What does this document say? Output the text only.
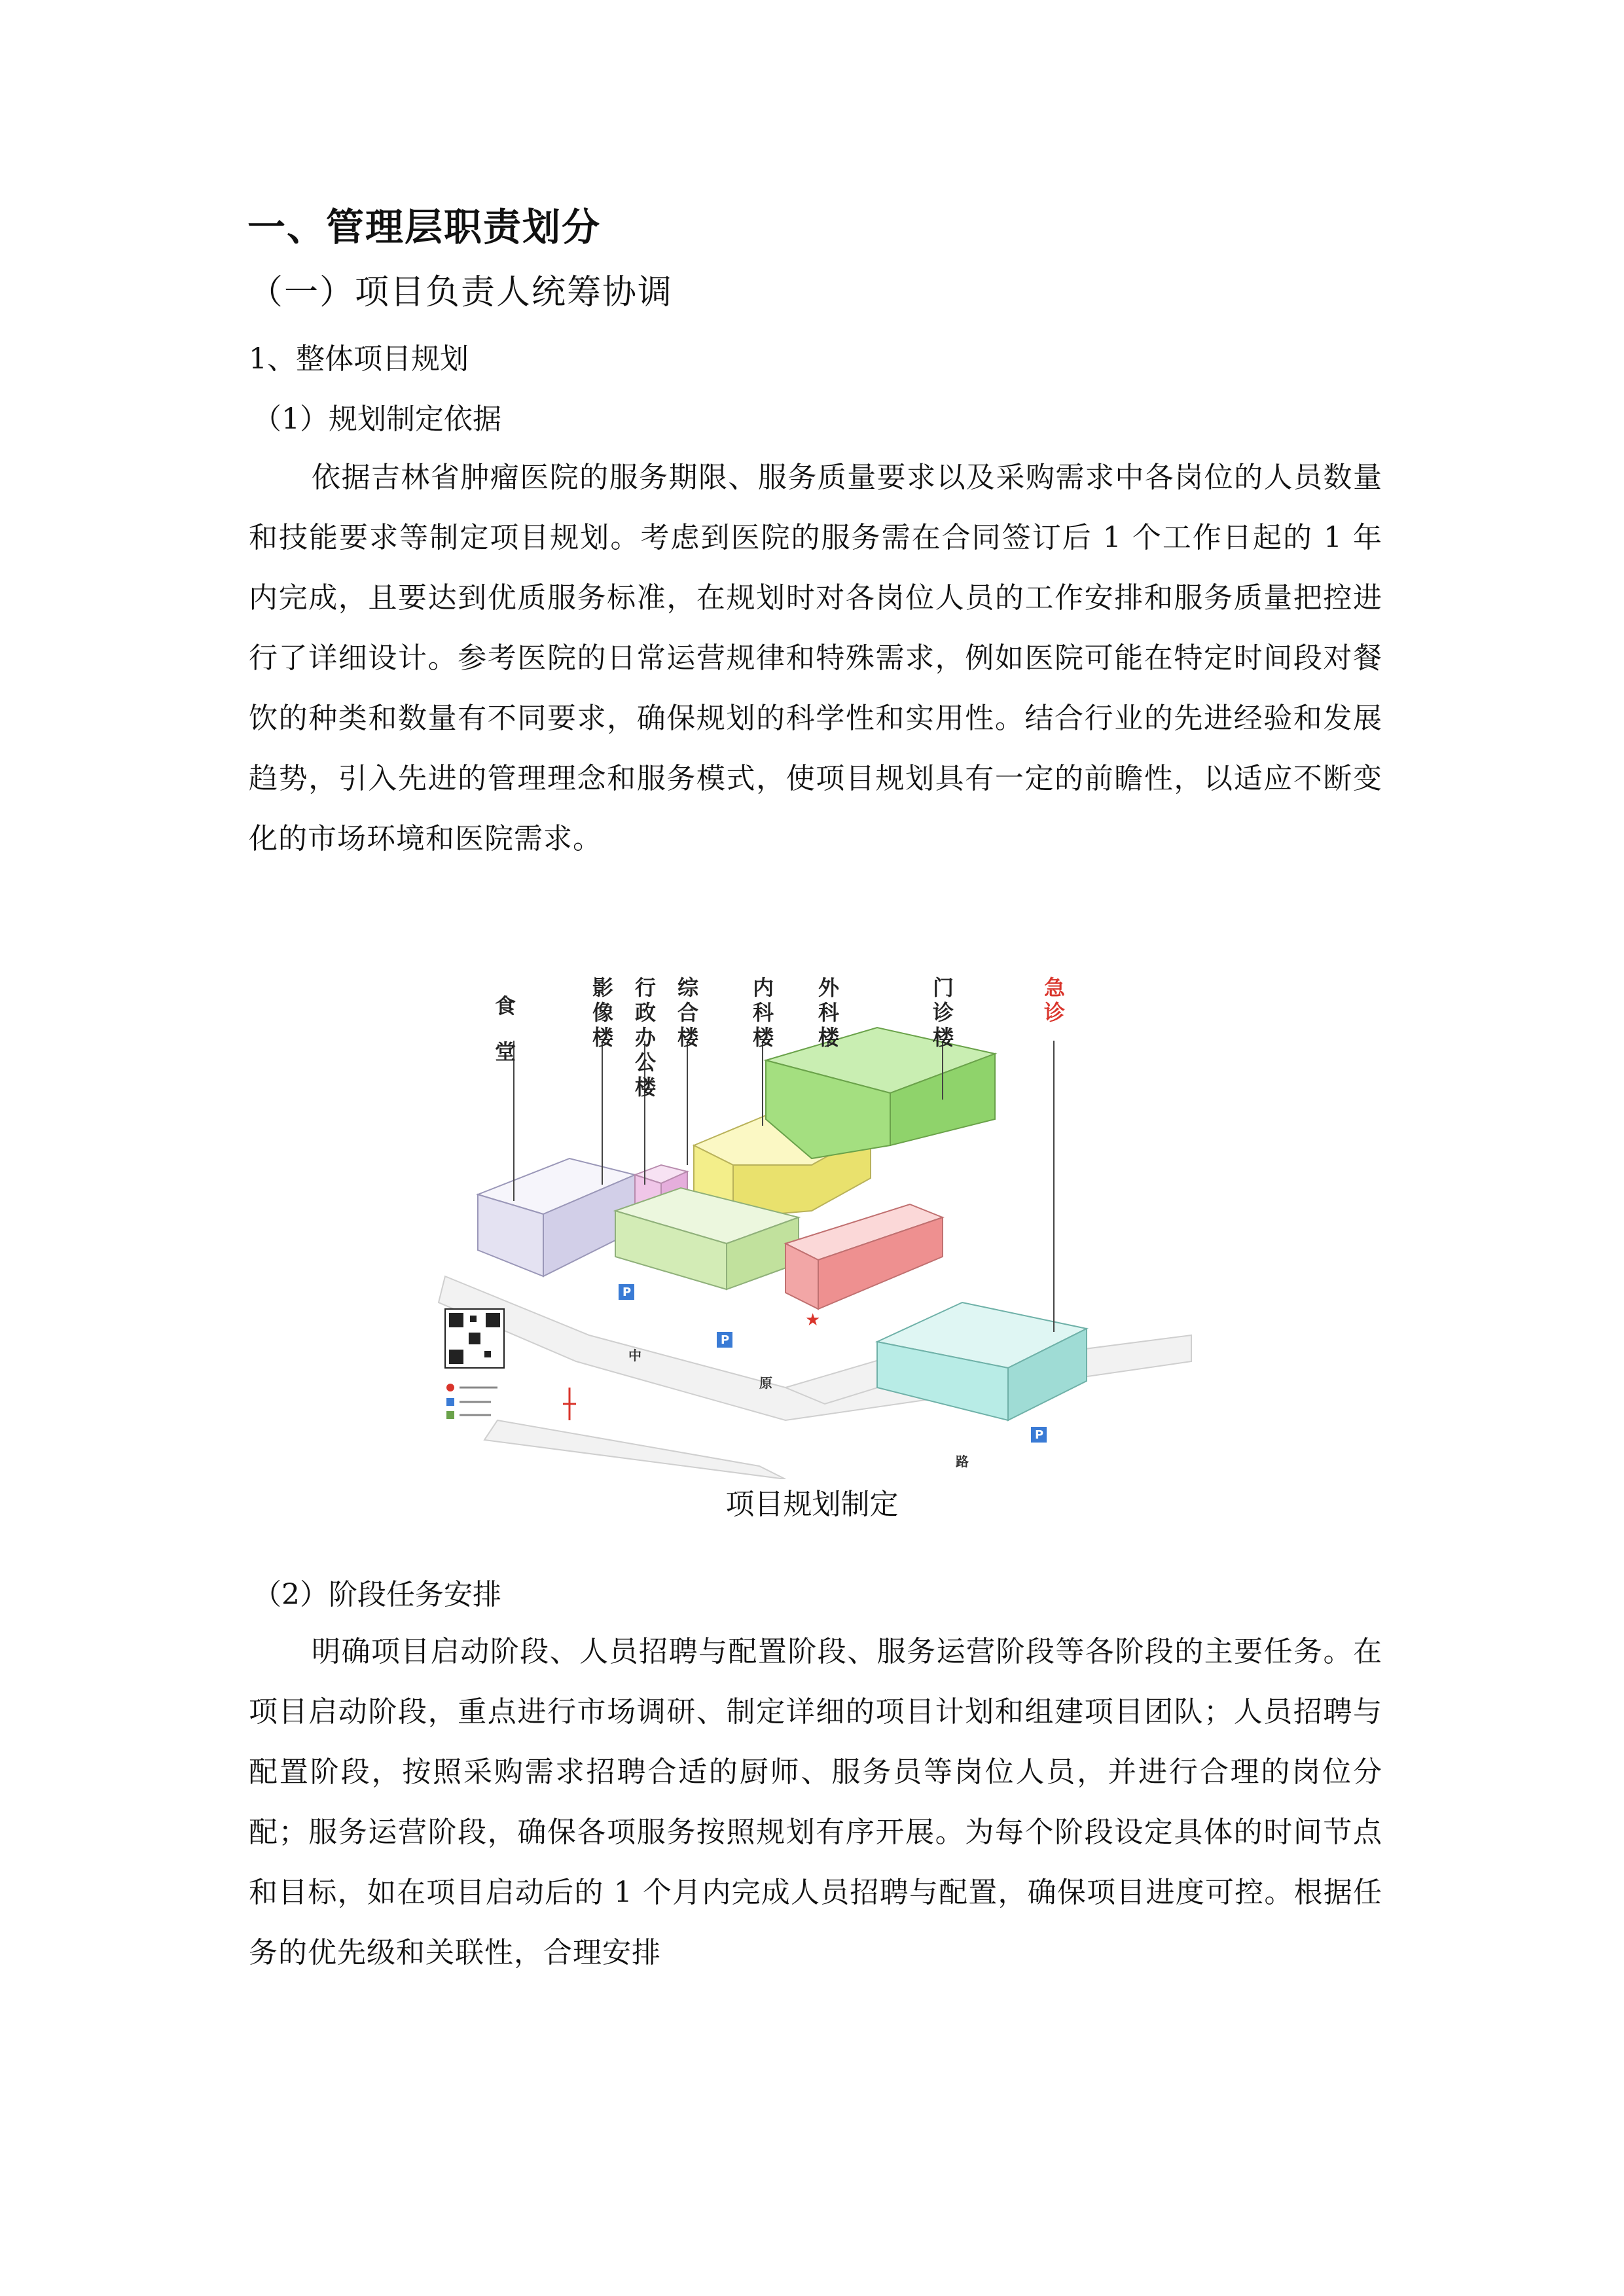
一、管理层职责划分
（一）项目负责人统筹协调
1、整体项目规划
（1）规划制定依据

依据吉林省肿瘤医院的服务期限、服务质量要求以及采购需求中各岗位的人员数量和技能要求等制定项目规划。考虑到医院的服务需在合同签订后 1 个工作日起的 1 年内完成，且要达到优质服务标准，在规划时对各岗位人员的工作安排和服务质量把控进行了详细设计。参考医院的日常运营规律和特殊需求，例如医院可能在特定时间段对餐饮的种类和数量有不同要求，确保规划的科学性和实用性。结合行业的先进经验和发展趋势，引入先进的管理理念和服务模式，使项目规划具有一定的前瞻性，以适应不断变化的市场环境和医院需求。

中
原
路
P
P
P
★
食堂
影像楼
行政办公楼
综合楼
内科楼
外科楼
门诊楼
急诊
项目规划制定
（2）阶段任务安排

明确项目启动阶段、人员招聘与配置阶段、服务运营阶段等各阶段的主要任务。在项目启动阶段，重点进行市场调研、制定详细的项目计划和组建项目团队；人员招聘与配置阶段，按照采购需求招聘合适的厨师、服务员等岗位人员，并进行合理的岗位分配；服务运营阶段，确保各项服务按照规划有序开展。为每个阶段设定具体的时间节点和目标，如在项目启动后的 1 个月内完成人员招聘与配置，确保项目进度可控。根据任务的优先级和关联性，合理安排
